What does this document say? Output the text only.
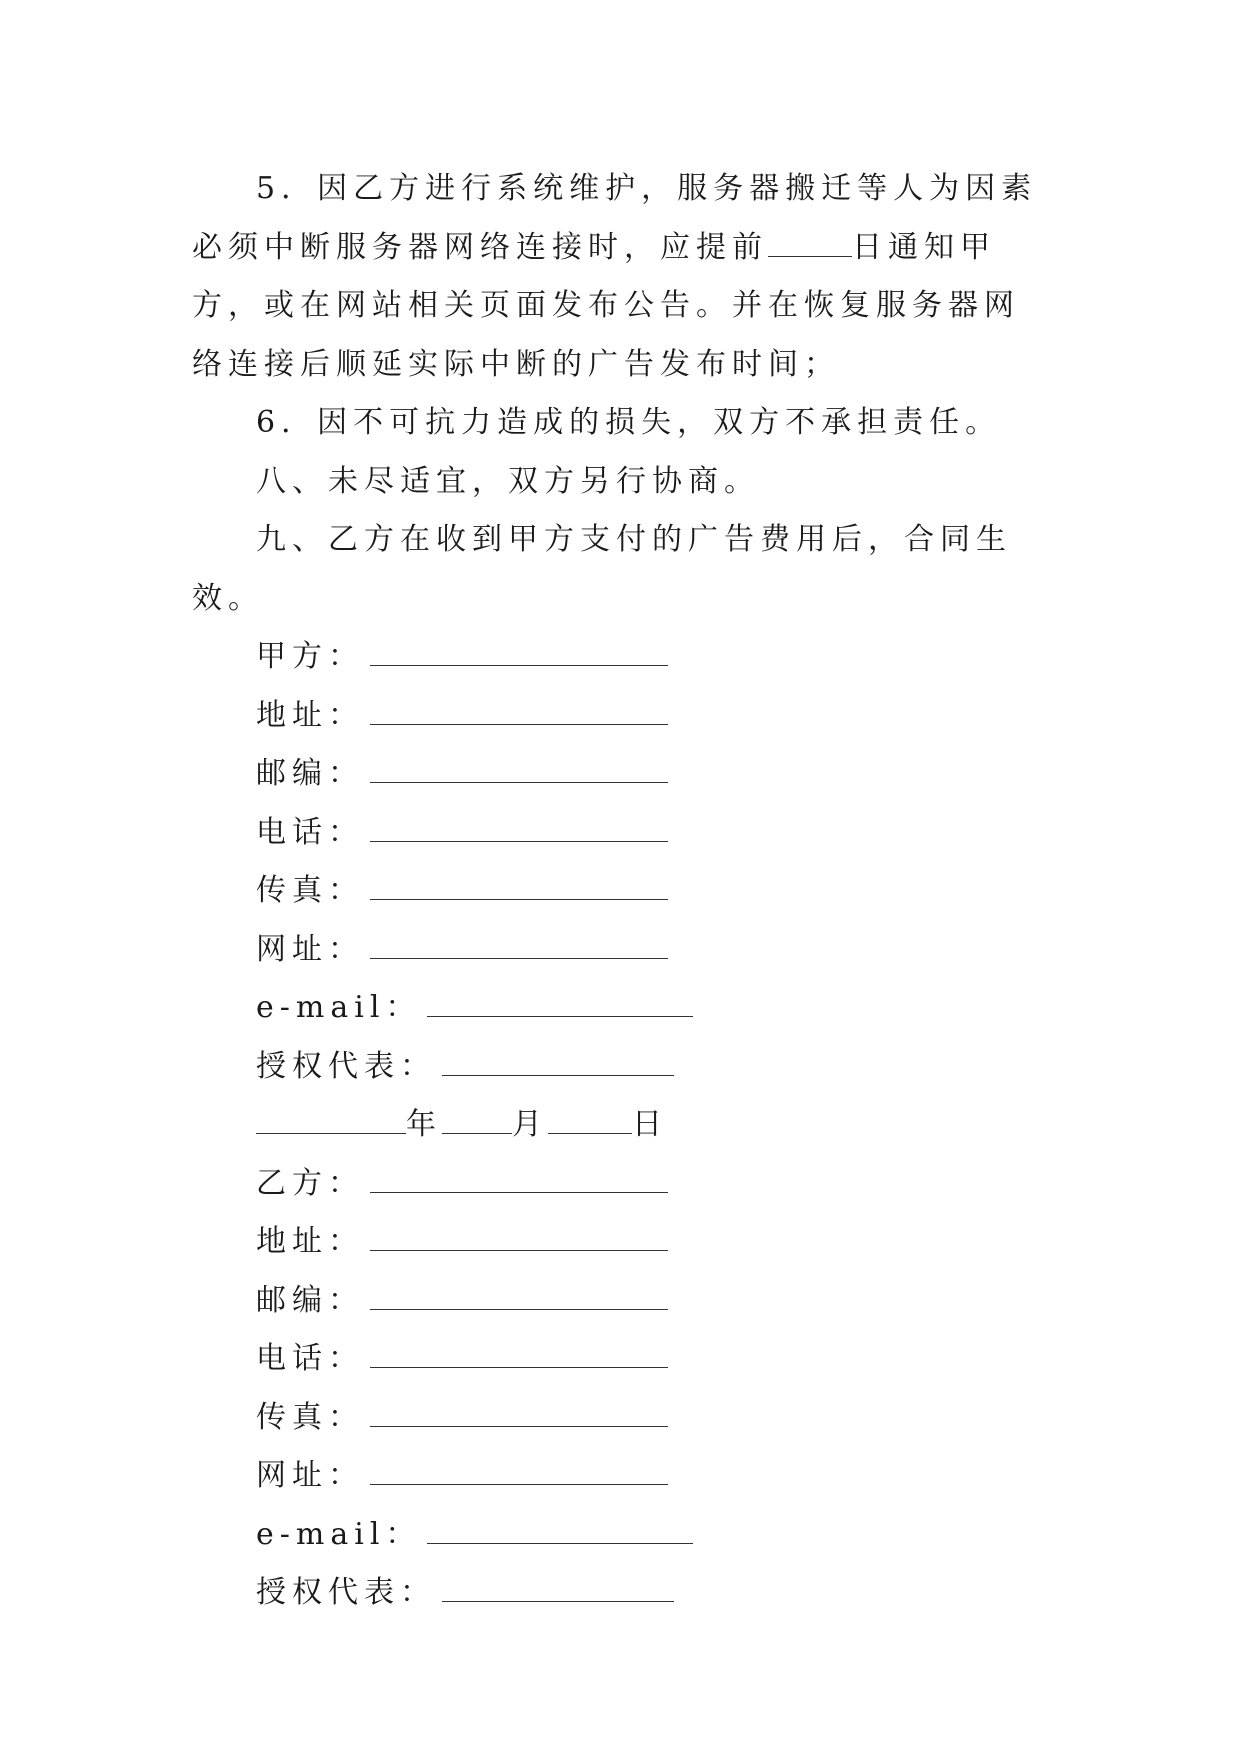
5．因乙方进行系统维护，服务器搬迁等人为因素必须中断服务器网络连接时，应提前	日通知甲方，或在网站相关页面发布公告。并在恢复服务器网络连接后顺延实际中断的广告发布时间；

6．因不可抗力造成的损失，双方不承担责任。

八、未尽适宜，双方另行协商。

九、乙方在收到甲方支付的广告费用后，合同生效。

甲方：

地址：

邮编：

电话：

传真：

网址：

e-mail：

授权代表：

年 月	日

乙方：

地址：

邮编：

电话：

传真：

网址：

e-mail：

授权代表：
